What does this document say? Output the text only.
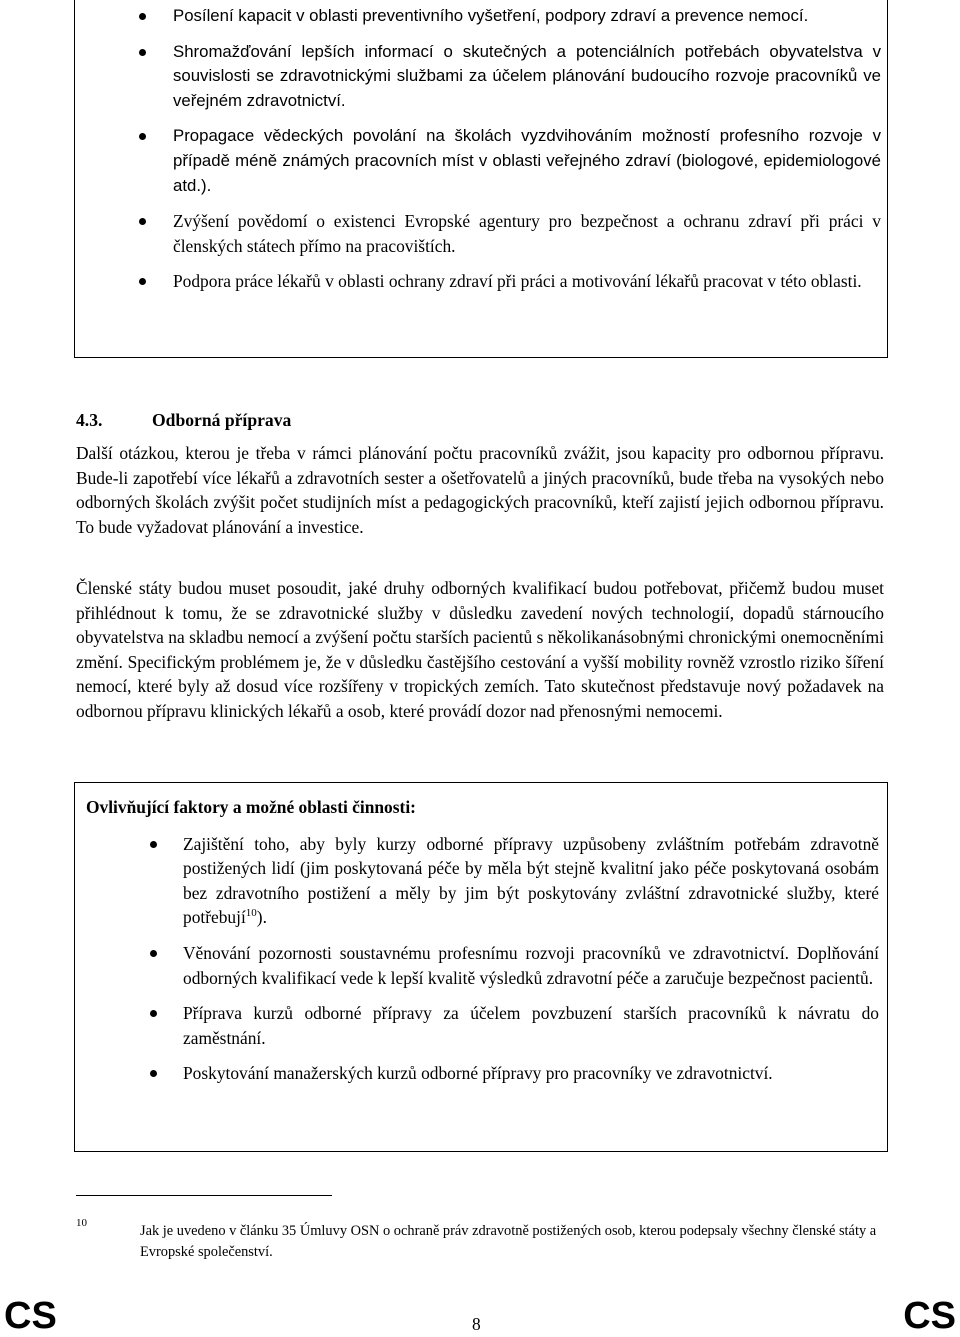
Posílení kapacit v oblasti preventivního vyšetření, podpory zdraví a prevence nemocí.
Shromažďování lepších informací o skutečných a potenciálních potřebách obyvatelstva v souvislosti se zdravotnickými službami za účelem plánování budoucího rozvoje pracovníků ve veřejném zdravotnictví.
Propagace vědeckých povolání na školách vyzdvihováním možností profesního rozvoje v případě méně známých pracovních míst v oblasti veřejného zdraví (biologové, epidemiologové atd.).
Zvýšení povědomí o existenci Evropské agentury pro bezpečnost a ochranu zdraví při práci v členských státech přímo na pracovištích.
Podpora práce lékařů v oblasti ochrany zdraví při práci a motivování lékařů pracovat v této oblasti.
4.3.	Odborná příprava

Další otázkou, kterou je třeba v rámci plánování počtu pracovníků zvážit, jsou kapacity pro odbornou přípravu. Bude-li zapotřebí více lékařů a zdravotních sester a ošetřovatelů a jiných pracovníků, bude třeba na vysokých nebo odborných školách zvýšit počet studijních míst a pedagogických pracovníků, kteří zajistí jejich odbornou přípravu. To bude vyžadovat plánování a investice.

Členské státy budou muset posoudit, jaké druhy odborných kvalifikací budou potřebovat, přičemž budou muset přihlédnout k tomu, že se zdravotnické služby v důsledku zavedení nových technologií, dopadů stárnoucího obyvatelstva na skladbu nemocí a zvýšení počtu starších pacientů s několikanásobnými chronickými onemocněními změní. Specifickým problémem je, že v důsledku častějšího cestování a vyšší mobility rovněž vzrostlo riziko šíření nemocí, které byly až dosud více rozšířeny v tropických zemích. Tato skutečnost představuje nový požadavek na odbornou přípravu klinických lékařů a osob, které provádí dozor nad přenosnými nemocemi.

Ovlivňující faktory a možné oblasti činnosti:
Zajištění toho, aby byly kurzy odborné přípravy uzpůsobeny zvláštním potřebám zdravotně postižených lidí (jim poskytovaná péče by měla být stejně kvalitní jako péče poskytovaná osobám bez zdravotního postižení a měly by jim být poskytovány zvláštní zdravotnické služby, které potřebují$^{10}$).
Věnování pozornosti soustavnému profesnímu rozvoji pracovníků ve zdravotnictví. Doplňování odborných kvalifikací vede k lepší kvalitě výsledků zdravotní péče a zaručuje bezpečnost pacientů.
Příprava kurzů odborné přípravy za účelem povzbuzení starších pracovníků k návratu do zaměstnání.
Poskytování manažerských kurzů odborné přípravy pro pracovníky ve zdravotnictví.
10	Jak je uvedeno v článku 35 Úmluvy OSN o ochraně práv zdravotně postižených osob, kterou podepsaly všechny členské státy a Evropské společenství.
CS	8	CS
